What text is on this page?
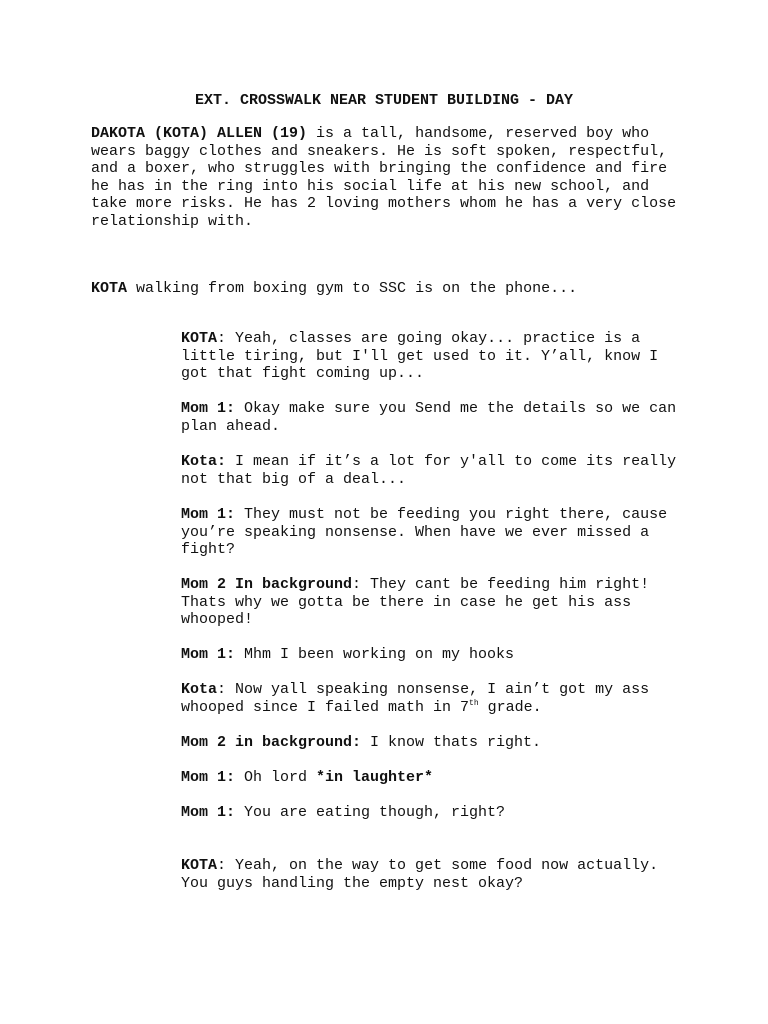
EXT. CROSSWALK NEAR STUDENT BUILDING - DAY

DAKOTA (KOTA) ALLEN (19) is a tall, handsome, reserved boy who wears baggy clothes and sneakers. He is soft spoken, respectful, and a boxer, who struggles with bringing the confidence and fire he has in the ring into his social life at his new school, and take more risks. He has 2 loving mothers whom he has a very close relationship with.

KOTA walking from boxing gym to SSC is on the phone...

KOTA: Yeah, classes are going okay... practice is a little tiring, but I'll get used to it. Y’all, know I got that fight coming up...
Mom 1: Okay make sure you Send me the details so we can plan ahead.
Kota: I mean if it’s a lot for y'all to come its really not that big of a deal...
Mom 1: They must not be feeding you right there, cause you’re speaking nonsense. When have we ever missed a fight?
Mom 2 In background: They cant be feeding him right! Thats why we gotta be there in case he get his ass whooped!
Mom 1: Mhm I been working on my hooks
Kota: Now yall speaking nonsense, I ain’t got my ass whooped since I failed math in 7th grade.
Mom 2 in background: I know thats right.
Mom 1: Oh lord *in laughter*
Mom 1: You are eating though, right?
KOTA: Yeah, on the way to get some food now actually. You guys handling the empty nest okay?
